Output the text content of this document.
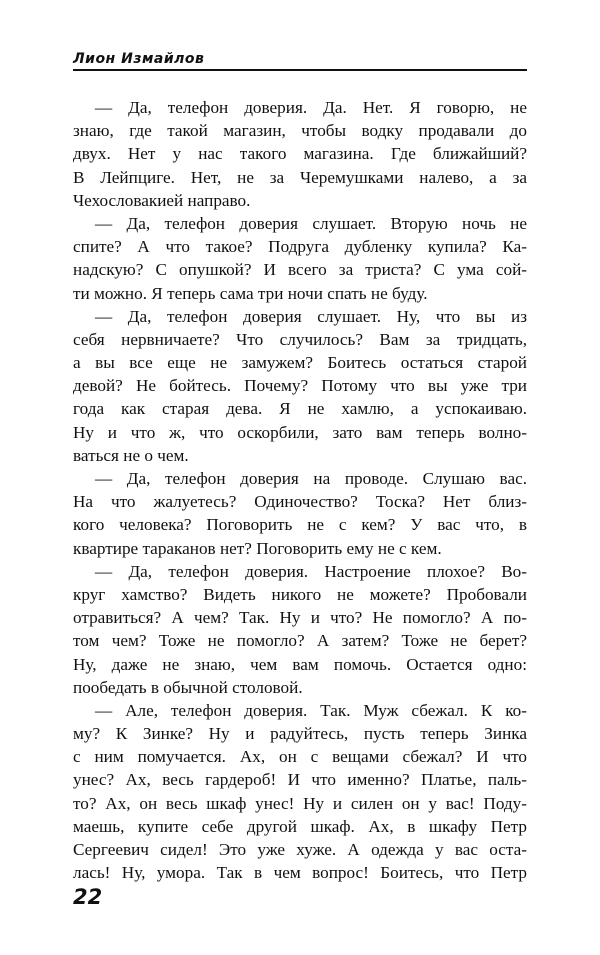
Лион Измайлов
— Да, телефон доверия. Да. Нет. Я говорю, не
знаю, где такой магазин, чтобы водку продавали до
двух. Нет у нас такого магазина. Где ближайший?
В Лейпциге. Нет, не за Черемушками налево, а за
Чехословакией направо.
— Да, телефон доверия слушает. Вторую ночь не
спите? А что такое? Подруга дубленку купила? Ка-
надскую? С опушкой? И всего за триста? С ума сой-
ти можно. Я теперь сама три ночи спать не буду.
— Да, телефон доверия слушает. Ну, что вы из
себя нервничаете? Что случилось? Вам за тридцать,
а вы все еще не замужем? Боитесь остаться старой
девой? Не бойтесь. Почему? Потому что вы уже три
года как старая дева. Я не хамлю, а успокаиваю.
Ну и что ж, что оскорбили, зато вам теперь волно-
ваться не о чем.
— Да, телефон доверия на проводе. Слушаю вас.
На что жалуетесь? Одиночество? Тоска? Нет близ-
кого человека? Поговорить не с кем? У вас что, в
квартире тараканов нет? Поговорить ему не с кем.
— Да, телефон доверия. Настроение плохое? Во-
круг хамство? Видеть никого не можете? Пробовали
отравиться? А чем? Так. Ну и что? Не помогло? А по-
том чем? Тоже не помогло? А затем? Тоже не берет?
Ну, даже не знаю, чем вам помочь. Остается одно:
пообедать в обычной столовой.
— Але, телефон доверия. Так. Муж сбежал. К ко-
му? К Зинке? Ну и радуйтесь, пусть теперь Зинка
с ним помучается. Ах, он с вещами сбежал? И что
унес? Ах, весь гардероб! И что именно? Платье, паль-
то? Ах, он весь шкаф унес! Ну и силен он у вас! Поду-
маешь, купите себе другой шкаф. Ах, в шкафу Петр
Сергеевич сидел! Это уже хуже. А одежда у вас оста-
лась! Ну, умора. Так в чем вопрос! Боитесь, что Петр
22
